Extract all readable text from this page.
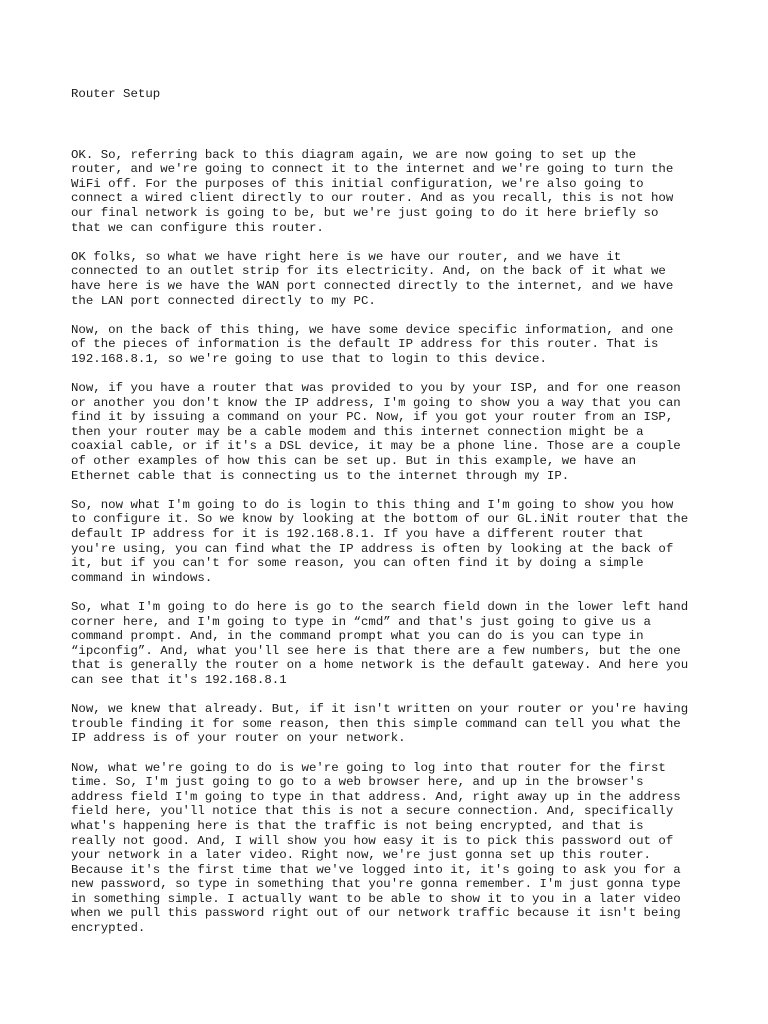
Router Setup

OK. So, referring back to this diagram again, we are now going to set up the
router, and we're going to connect it to the internet and we're going to turn the
WiFi off. For the purposes of this initial configuration, we're also going to
connect a wired client directly to our router. And as you recall, this is not how
our final network is going to be, but we're just going to do it here briefly so
that we can configure this router.

OK folks, so what we have right here is we have our router, and we have it
connected to an outlet strip for its electricity. And, on the back of it what we
have here is we have the WAN port connected directly to the internet, and we have
the LAN port connected directly to my PC.

Now, on the back of this thing, we have some device specific information, and one
of the pieces of information is the default IP address for this router. That is
192.168.8.1, so we're going to use that to login to this device.

Now, if you have a router that was provided to you by your ISP, and for one reason
or another you don't know the IP address, I'm going to show you a way that you can
find it by issuing a command on your PC. Now, if you got your router from an ISP,
then your router may be a cable modem and this internet connection might be a
coaxial cable, or if it's a DSL device, it may be a phone line. Those are a couple
of other examples of how this can be set up. But in this example, we have an
Ethernet cable that is connecting us to the internet through my IP.

So, now what I'm going to do is login to this thing and I'm going to show you how
to configure it. So we know by looking at the bottom of our GL.iNit router that the
default IP address for it is 192.168.8.1. If you have a different router that
you're using, you can find what the IP address is often by looking at the back of
it, but if you can't for some reason, you can often find it by doing a simple
command in windows.

So, what I'm going to do here is go to the search field down in the lower left hand
corner here, and I'm going to type in “cmd” and that's just going to give us a
command prompt. And, in the command prompt what you can do is you can type in
“ipconfig”. And, what you'll see here is that there are a few numbers, but the one
that is generally the router on a home network is the default gateway. And here you
can see that it's 192.168.8.1

Now, we knew that already. But, if it isn't written on your router or you're having
trouble finding it for some reason, then this simple command can tell you what the
IP address is of your router on your network.

Now, what we're going to do is we're going to log into that router for the first
time. So, I'm just going to go to a web browser here, and up in the browser's
address field I'm going to type in that address. And, right away up in the address
field here, you'll notice that this is not a secure connection. And, specifically
what's happening here is that the traffic is not being encrypted, and that is
really not good. And, I will show you how easy it is to pick this password out of
your network in a later video. Right now, we're just gonna set up this router.
Because it's the first time that we've logged into it, it's going to ask you for a
new password, so type in something that you're gonna remember. I'm just gonna type
in something simple. I actually want to be able to show it to you in a later video
when we pull this password right out of our network traffic because it isn't being
encrypted.
